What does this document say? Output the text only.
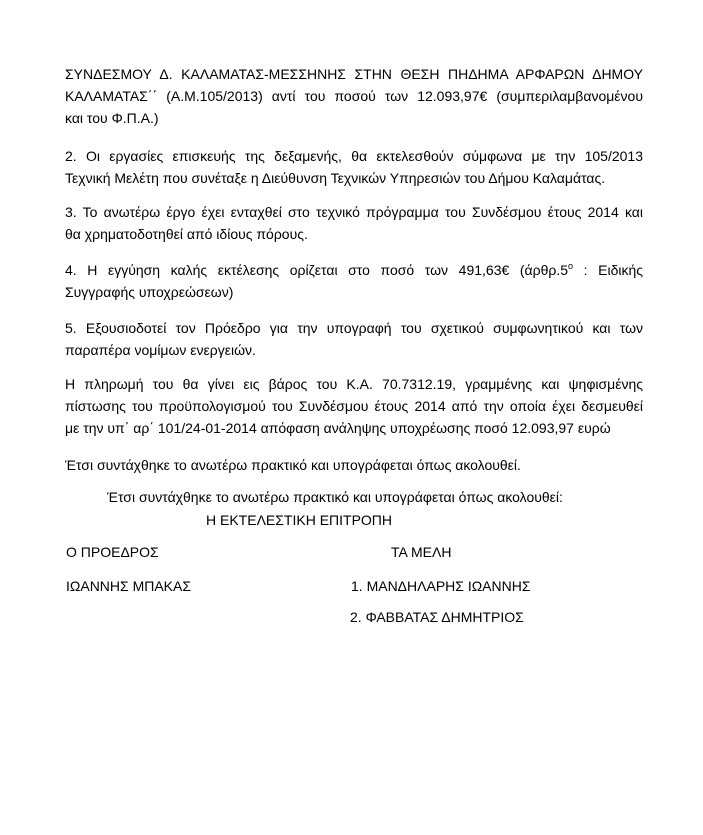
ΣΥΝΔΕΣΜΟΥ Δ. ΚΑΛΑΜΑΤΑΣ-ΜΕΣΣΗΝΗΣ ΣΤΗΝ ΘΕΣΗ ΠΗΔΗΜΑ ΑΡΦΑΡΩΝ ΔΗΜΟΥ
ΚΑΛΑΜΑΤΑΣ΄΄ (Α.Μ.105/2013) αντί του ποσού των 12.093,97€ (συμπεριλαμβανομένου
και του Φ.Π.Α.)
2. Οι εργασίες επισκευής της δεξαμενής, θα εκτελεσθούν σύμφωνα με την 105/2013
Τεχνική Μελέτη που συνέταξε η Διεύθυνση Τεχνικών Υπηρεσιών του Δήμου Καλαμάτας.
3. Το ανωτέρω έργο έχει ενταχθεί στο τεχνικό πρόγραμμα του Συνδέσμου έτους 2014 και
θα χρηματοδοτηθεί από ιδίους πόρους.
4. Η εγγύηση καλής εκτέλεσης ορίζεται στο ποσό των 491,63€ ($ά\rho\theta\rho.5^o$ : Ειδικής
Συγγραφής υποχρεώσεων)
5. Εξουσιοδοτεί τον Πρόεδρο για την υπογραφή του σχετικού συμφωνητικού και των
παραπέρα νομίμων ενεργειών.
Η πληρωμή του θα γίνει εις βάρος του Κ.Α. 70.7312.19, γραμμένης και ψηφισμένης
πίστωσης του προϋπολογισμού του Συνδέσμου έτους 2014 από την οποία έχει δεσμευθεί
με την υπ΄ αρ΄ 101/24-01-2014 απόφαση ανάληψης υποχρέωσης ποσό 12.093,97 ευρώ
Έτσι συντάχθηκε το ανωτέρω πρακτικό και υπογράφεται όπως ακολουθεί.

Έτσι συντάχθηκε το ανωτέρω πρακτικό και υπογράφεται όπως ακολουθεί:

Η ΕΚΤΕΛΕΣΤΙΚΗ ΕΠΙΤΡΟΠΗ

Ο ΠΡΟΕΔΡΟΣ	ΤΑ ΜΕΛΗ

ΙΩΑΝΝΗΣ ΜΠΑΚΑΣ	1. ΜΑΝΔΗΛΑΡΗΣ ΙΩΑΝΝΗΣ

2. ΦΑΒΒΑΤΑΣ ΔΗΜΗΤΡΙΟΣ
